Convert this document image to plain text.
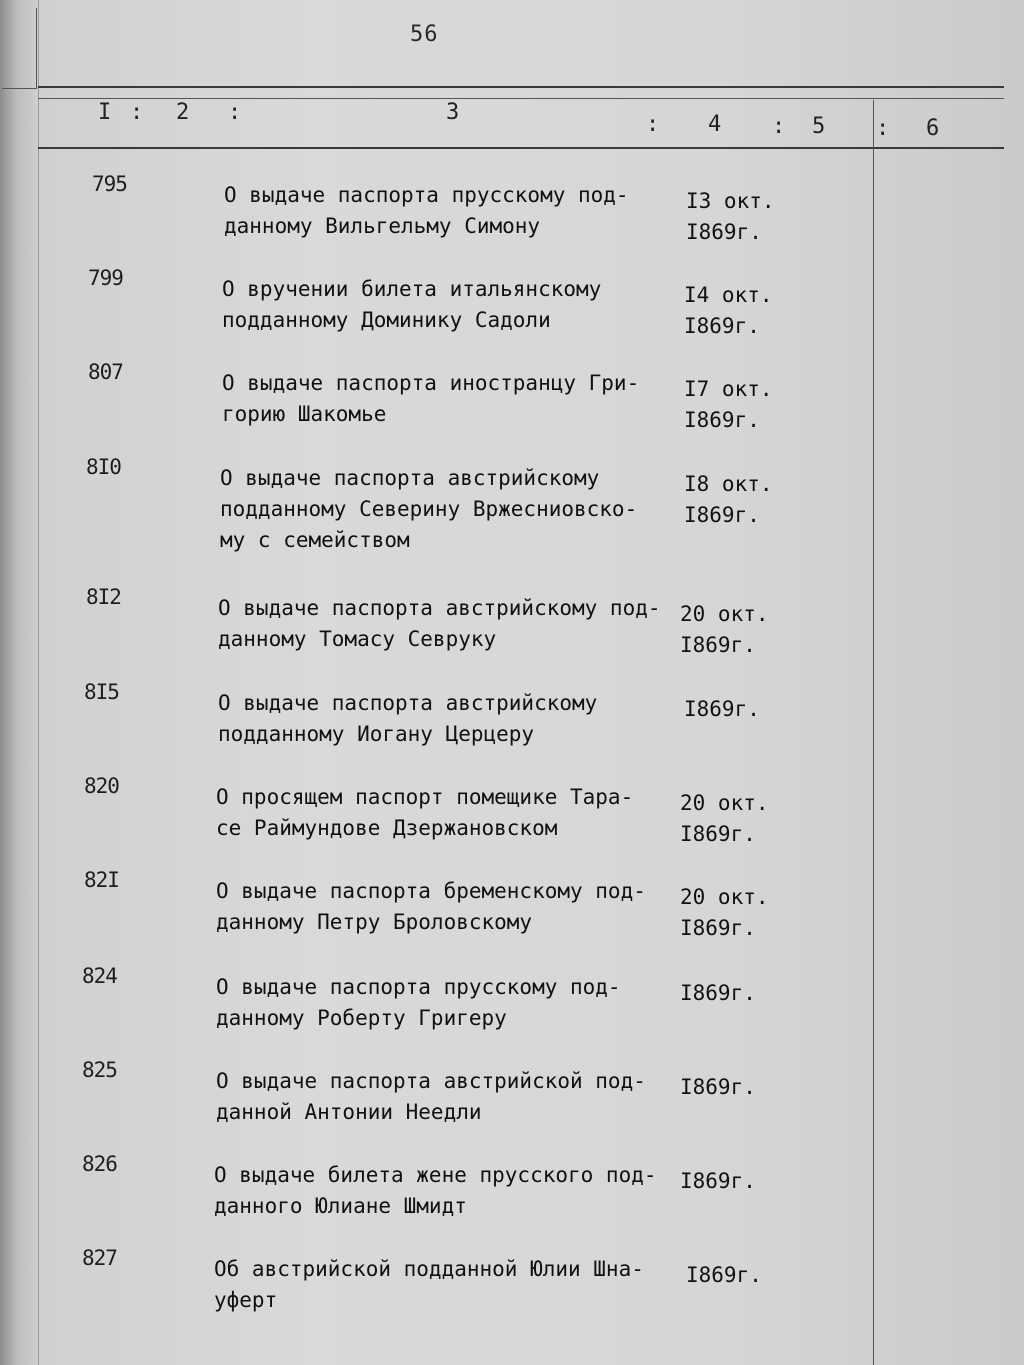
56
I : 2 :	3	: 4 : 5 : 6
795	О выдаче паспорта прусскому под-
данному Вильгельму Симону
I3 окт.
I869г.
799	О вручении билета итальянскому
подданному Доминику Садоли
I4 окт.
I869г.
807	О выдаче паспорта иностранцу Гри-
горию Шакомье
I7 окт.
I869г.
8I0	О выдаче паспорта австрийскому
подданному Северину Вржесниовско-
му с семейством
I8 окт.
I869г.
8I2	О выдаче паспорта австрийскому под-
данному Томасу Севруку
20 окт.
I869г.
8I5	О выдаче паспорта австрийскому
подданному Иогану Церцеру
I869г.
820	О просящем паспорт помещике Тара-
се Раймундове Дзержановском
20 окт.
I869г.
82I	О выдаче паспорта бременскому под-
данному Петру Броловскому
20 окт.
I869г.
824	О выдаче паспорта прусскому под-
данному Роберту Григеру
I869г.
825	О выдаче паспорта австрийской под-
данной Антонии Неедли
I869г.
826	О выдаче билета жене прусского под-
данного Юлиане Шмидт
I869г.
827	Об австрийской подданной Юлии Шна-
уферт
I869г.
